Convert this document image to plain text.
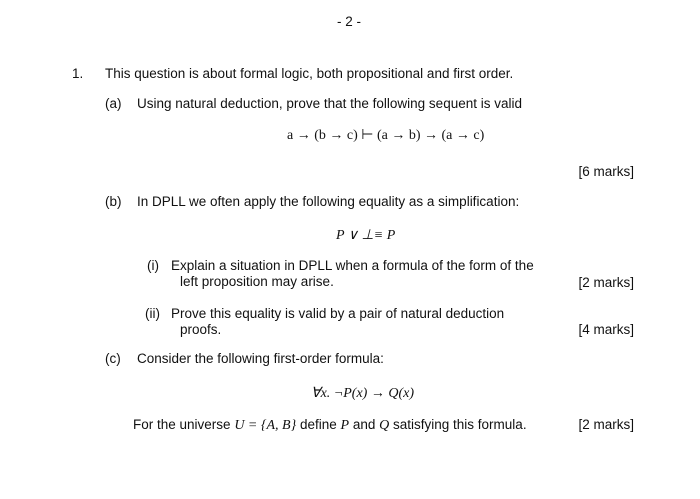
- 2 -
1. This question is about formal logic, both propositional and first order.
(a) Using natural deduction, prove that the following sequent is valid
a → (b → c) ⊢ (a → b) → (a → c)
[6 marks]
(b) In DPLL we often apply the following equality as a simplification:
P ∨ ⊥≡ P
(i) Explain a situation in DPLL when a formula of the form of the
left proposition may arise.	[2 marks]
(ii) Prove this equality is valid by a pair of natural deduction
proofs.	[4 marks]
(c) Consider the following first-order formula:
∀x. ¬P(x) → Q(x)
For the universe U = {A, B} define P and Q satisfying this formula.	[2 marks]
